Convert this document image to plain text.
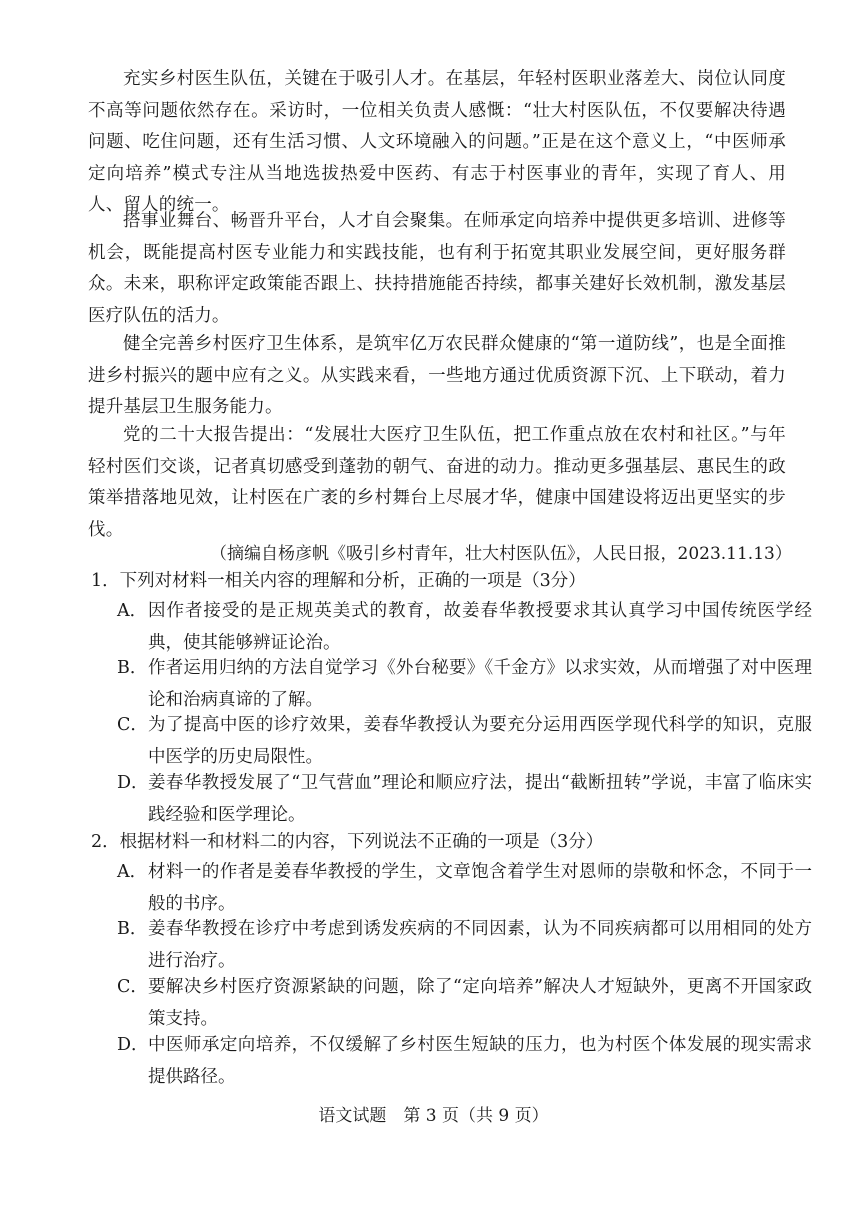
充实乡村医生队伍，关键在于吸引人才。在基层，年轻村医职业落差大、岗位认同度不高等问题依然存在。采访时，一位相关负责人感慨：“壮大村医队伍，不仅要解决待遇问题、吃住问题，还有生活习惯、人文环境融入的问题。”正是在这个意义上，“中医师承定向培养”模式专注从当地选拔热爱中医药、有志于村医事业的青年，实现了育人、用人、留人的统一。

搭事业舞台、畅晋升平台，人才自会聚集。在师承定向培养中提供更多培训、进修等机会，既能提高村医专业能力和实践技能，也有利于拓宽其职业发展空间，更好服务群众。未来，职称评定政策能否跟上、扶持措施能否持续，都事关建好长效机制，激发基层医疗队伍的活力。

健全完善乡村医疗卫生体系，是筑牢亿万农民群众健康的“第一道防线”，也是全面推进乡村振兴的题中应有之义。从实践来看，一些地方通过优质资源下沉、上下联动，着力提升基层卫生服务能力。

党的二十大报告提出：“发展壮大医疗卫生队伍，把工作重点放在农村和社区。”与年轻村医们交谈，记者真切感受到蓬勃的朝气、奋进的动力。推动更多强基层、惠民生的政策举措落地见效，让村医在广袤的乡村舞台上尽展才华，健康中国建设将迈出更坚实的步伐。

（摘编自杨彦帆《吸引乡村青年，壮大村医队伍》，人民日报，2023.11.13）

1．下列对材料一相关内容的理解和分析，正确的一项是（3分）

A． 因作者接受的是正规英美式的教育，故姜春华教授要求其认真学习中国传统医学经典，使其能够辨证论治。
B． 作者运用归纳的方法自觉学习《外台秘要》《千金方》以求实效，从而增强了对中医理论和治病真谛的了解。
C． 为了提高中医的诊疗效果，姜春华教授认为要充分运用西医学现代科学的知识，克服中医学的历史局限性。
D． 姜春华教授发展了“卫气营血”理论和顺应疗法，提出“截断扭转”学说，丰富了临床实践经验和医学理论。

2．根据材料一和材料二的内容，下列说法不正确的一项是（3分）

A． 材料一的作者是姜春华教授的学生，文章饱含着学生对恩师的崇敬和怀念，不同于一般的书序。
B． 姜春华教授在诊疗中考虑到诱发疾病的不同因素，认为不同疾病都可以用相同的处方进行治疗。
C． 要解决乡村医疗资源紧缺的问题，除了“定向培养”解决人才短缺外，更离不开国家政策支持。
D． 中医师承定向培养，不仅缓解了乡村医生短缺的压力，也为村医个体发展的现实需求提供路径。

语文试题　第 3 页（共 9 页）
